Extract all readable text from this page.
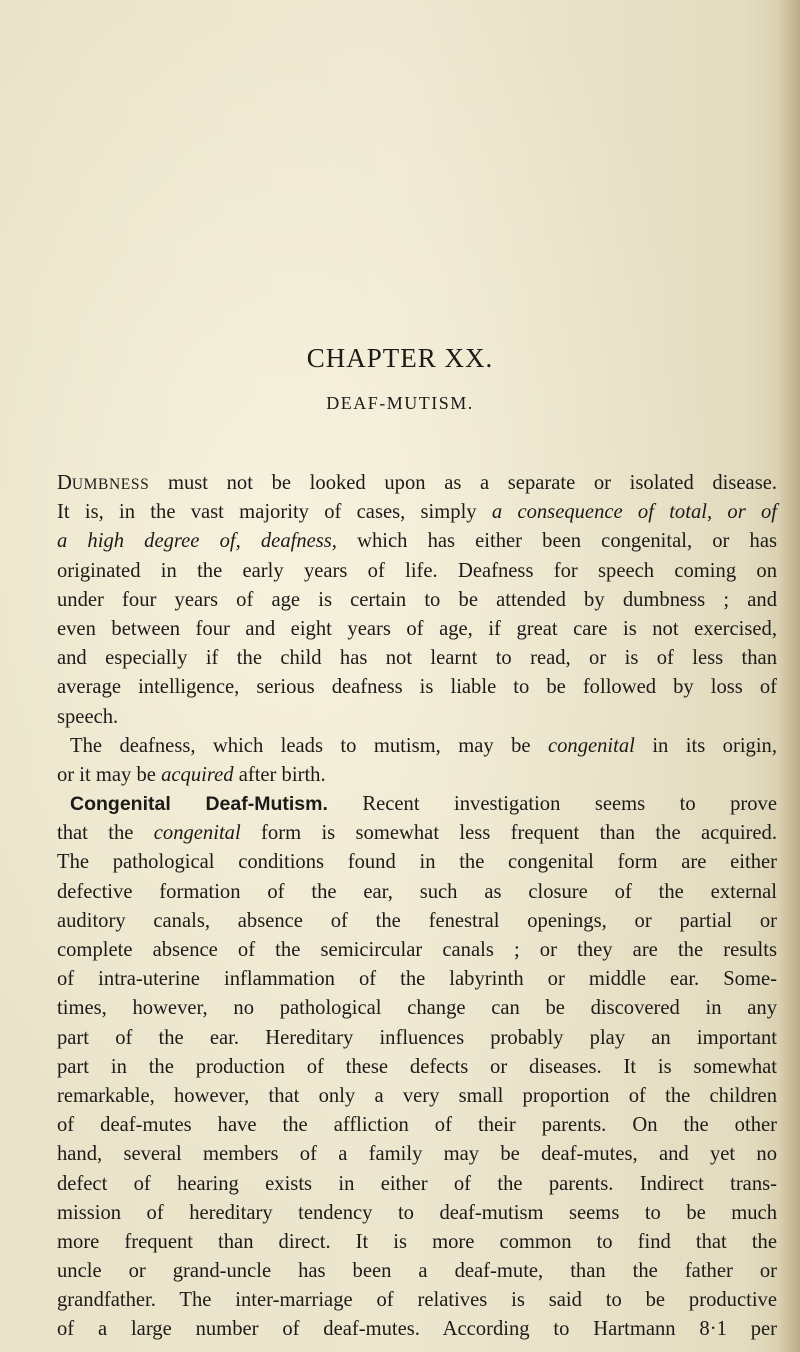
CHAPTER XX.
DEAF-MUTISM.
DUMBNESS must not be looked upon as a separate or isolated disease.
It is, in the vast majority of cases, simply a consequence of total, or of
a high degree of, deafness, which has either been congenital, or has
originated in the early years of life. Deafness for speech coming on
under four years of age is certain to be attended by dumbness ; and
even between four and eight years of age, if great care is not exercised,
and especially if the child has not learnt to read, or is of less than
average intelligence, serious deafness is liable to be followed by loss of
speech.
The deafness, which leads to mutism, may be congenital in its origin,
or it may be acquired after birth.
Congenital Deaf-Mutism. Recent investigation seems to prove
that the congenital form is somewhat less frequent than the acquired.
The pathological conditions found in the congenital form are either
defective formation of the ear, such as closure of the external
auditory canals, absence of the fenestral openings, or partial or
complete absence of the semicircular canals ; or they are the results
of intra-uterine inflammation of the labyrinth or middle ear. Some-
times, however, no pathological change can be discovered in any
part of the ear. Hereditary influences probably play an important
part in the production of these defects or diseases. It is somewhat
remarkable, however, that only a very small proportion of the children
of deaf-mutes have the affliction of their parents. On the other
hand, several members of a family may be deaf-mutes, and yet no
defect of hearing exists in either of the parents. Indirect trans-
mission of hereditary tendency to deaf-mutism seems to be much
more frequent than direct. It is more common to find that the
uncle or grand-uncle has been a deaf-mute, than the father or
grandfather. The inter-marriage of relatives is said to be productive
of a large number of deaf-mutes. According to Hartmann 8·1 per
